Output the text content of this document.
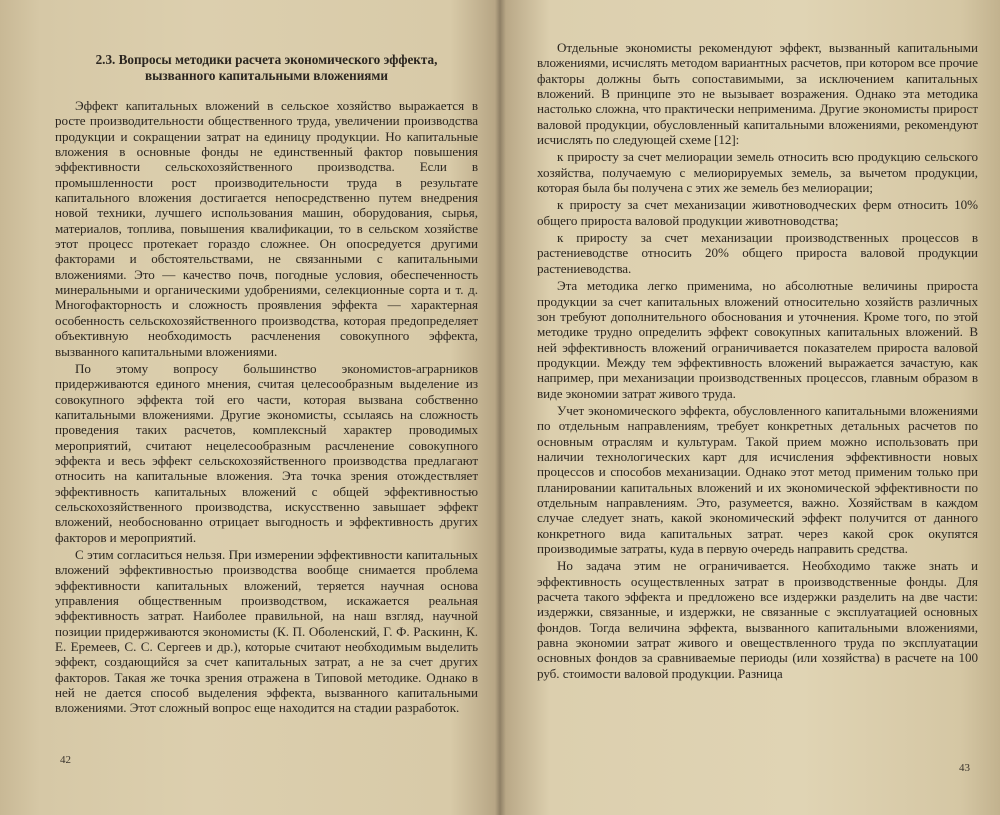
2.3. Вопросы методики расчета экономического эффекта, вызванного капитальными вложениями

Эффект капитальных вложений в сельское хозяйство выражается в росте производительности общественного труда, увеличении производства продукции и сокращении затрат на единицу продукции. Но капитальные вложения в основные фонды не единственный фактор повышения эффективности сельскохозяйственного производства. Если в промышленности рост производительности труда в результате капитального вложения достигается непосредственно путем внедрения новой техники, лучшего использования машин, оборудования, сырья, материалов, топлива, повышения квалификации, то в сельском хозяйстве этот процесс протекает гораздо сложнее. Он опосредуется другими факторами и обстоятельствами, не связанными с капитальными вложениями. Это — качество почв, погодные условия, обеспеченность минеральными и органическими удобрениями, селекционные сорта и т. д. Многофакторность и сложность проявления эффекта — характерная особенность сельскохозяйственного производства, которая предопределяет объективную необходимость расчленения совокупного эффекта, вызванного капитальными вложениями.

По этому вопросу большинство экономистов-аграрников придерживаются единого мнения, считая целесообразным выделение из совокупного эффекта той его части, которая вызвана собственно капитальными вложениями. Другие экономисты, ссылаясь на сложность проведения таких расчетов, комплексный характер проводимых мероприятий, считают нецелесообразным расчленение совокупного эффекта и весь эффект сельскохозяйственного производства предлагают относить на капитальные вложения. Эта точка зрения отождествляет эффективность капитальных вложений с общей эффективностью сельскохозяйственного производства, искусственно завышает эффект вложений, необоснованно отрицает выгодность и эффективность других факторов и мероприятий.

С этим согласиться нельзя. При измерении эффективности капитальных вложений эффективностью производства вообще снимается проблема эффективности капитальных вложений, теряется научная основа управления общественным производством, искажается реальная эффективность затрат. Наиболее правильной, на наш взгляд, научной позиции придерживаются экономисты (К. П. Оболенский, Г. Ф. Раскинн, К. Е. Еремеев, С. С. Сергеев и др.), которые считают необходимым выделить эффект, создающийся за счет капитальных затрат, а не за счет других факторов. Такая же точка зрения отражена в Типовой методике. Однако в ней не дается способ выделения эффекта, вызванного капитальными вложениями. Этот сложный вопрос еще находится на стадии разработок.

42

Отдельные экономисты рекомендуют эффект, вызванный капитальными вложениями, исчислять методом вариантных расчетов, при котором все прочие факторы должны быть сопоставимыми, за исключением капитальных вложений. В принципе это не вызывает возражения. Однако эта методика настолько сложна, что практически неприменима. Другие экономисты прирост валовой продукции, обусловленный капитальными вложениями, рекомендуют исчислять по следующей схеме [12]:

к приросту за счет мелиорации земель относить всю продукцию сельского хозяйства, получаемую с мелиорируемых земель, за вычетом продукции, которая была бы получена с этих же земель без мелиорации;

к приросту за счет механизации животноводческих ферм относить 10% общего прироста валовой продукции животноводства;

к приросту за счет механизации производственных процессов в растениеводстве относить 20% общего прироста валовой продукции растениеводства.

Эта методика легко применима, но абсолютные величины прироста продукции за счет капитальных вложений относительно хозяйств различных зон требуют дополнительного обоснования и уточнения. Кроме того, по этой методике трудно определить эффект совокупных капитальных вложений. В ней эффективность вложений ограничивается показателем прироста валовой продукции. Между тем эффективность вложений выражается зачастую, как например, при механизации производственных процессов, главным образом в виде экономии затрат живого труда.

Учет экономического эффекта, обусловленного капитальными вложениями по отдельным направлениям, требует конкретных детальных расчетов по основным отраслям и культурам. Такой прием можно использовать при наличии технологических карт для исчисления эффективности новых процессов и способов механизации. Однако этот метод применим только при планировании капитальных вложений и их экономической эффективности по отдельным направлениям. Это, разумеется, важно. Хозяйствам в каждом случае следует знать, какой экономический эффект получится от данного конкретного вида капитальных затрат. через какой срок окупятся производимые затраты, куда в первую очередь направить средства.

Но задача этим не ограничивается. Необходимо также знать и эффективность осуществленных затрат в производственные фонды. Для расчета такого эффекта и предложено все издержки разделить на две части: издержки, связанные, и издержки, не связанные с эксплуатацией основных фондов. Тогда величина эффекта, вызванного капитальными вложениями, равна экономии затрат живого и овеществленного труда по эксплуатации основных фондов за сравниваемые периоды (или хозяйства) в расчете на 100 руб. стоимости валовой продукции. Разница

43
